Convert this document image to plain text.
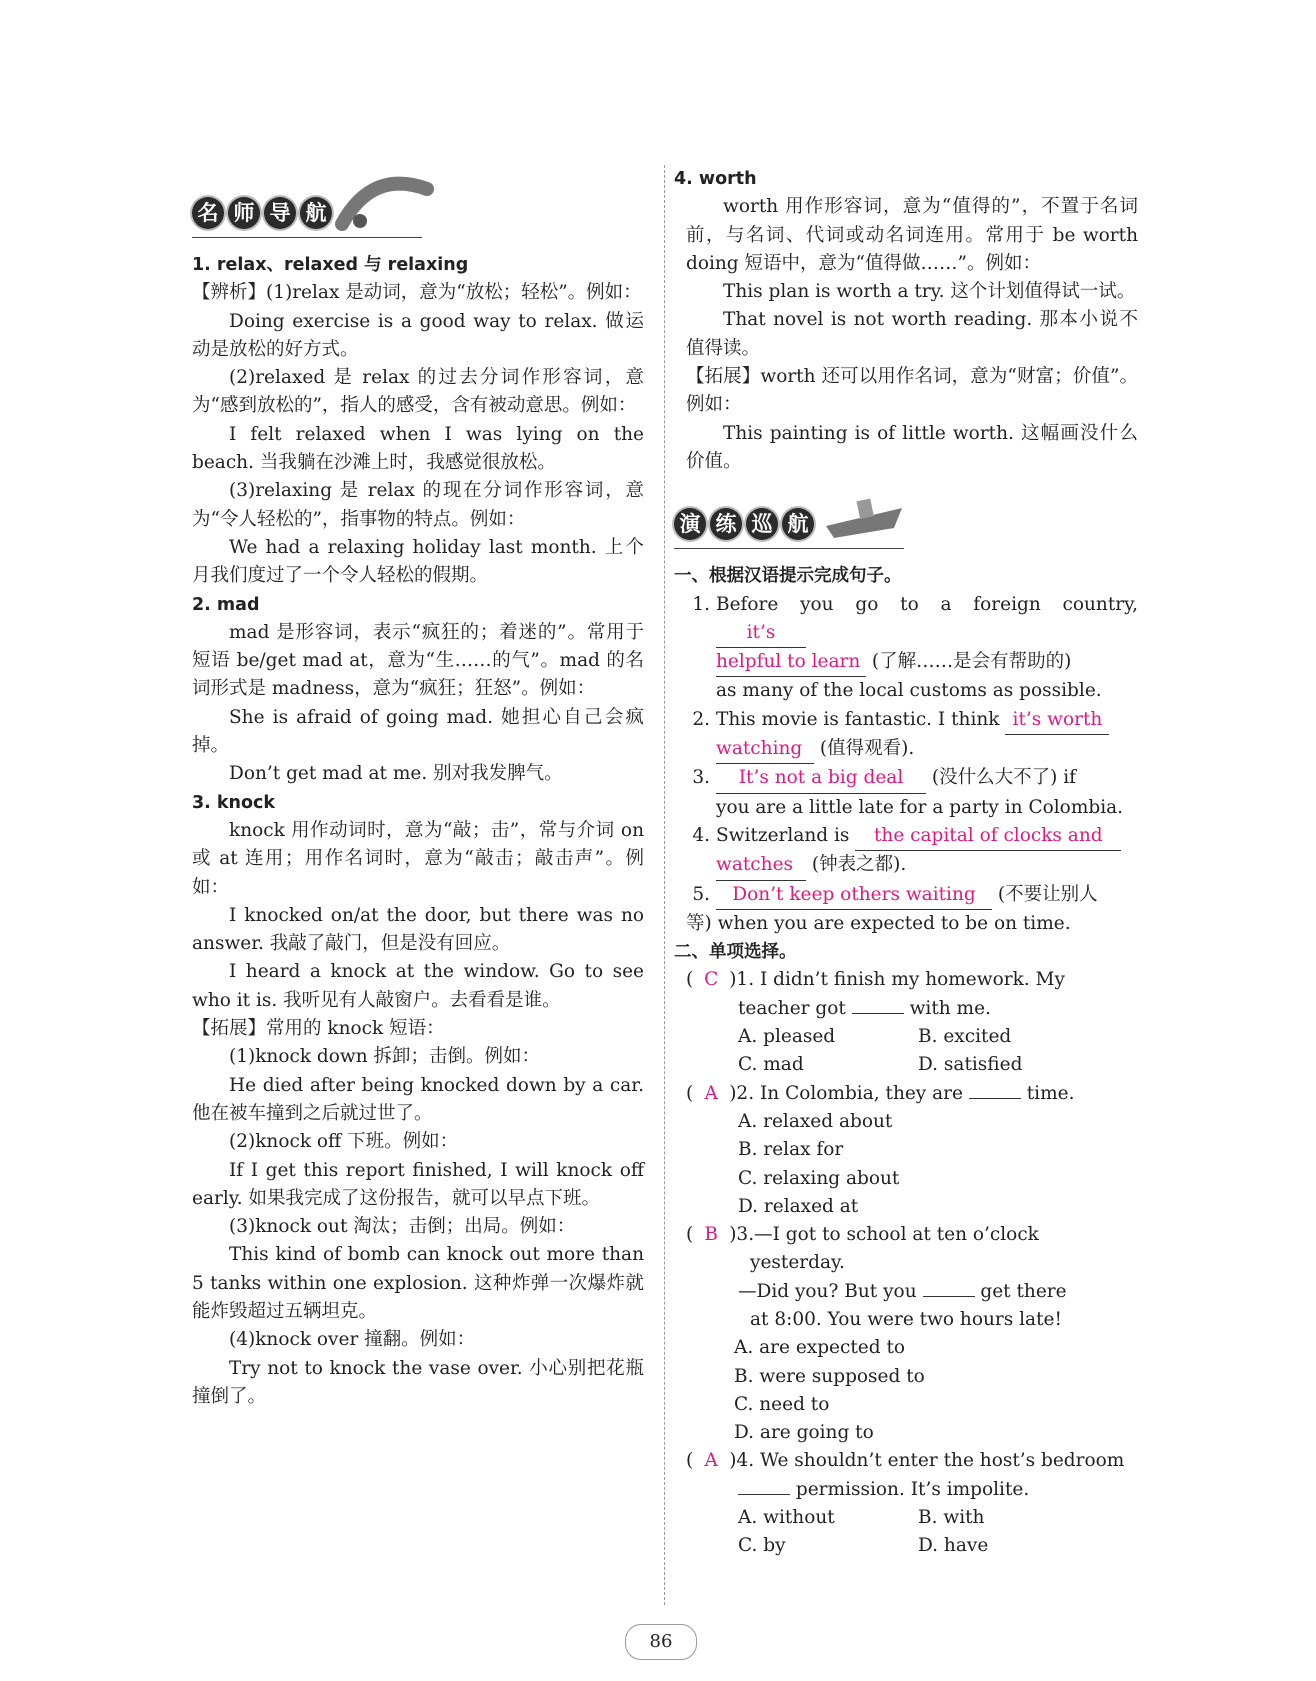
名 师 导 航

1. relax、relaxed 与 relaxing

【辨析】(1)relax 是动词，意为“放松；轻松”。例如：

Doing exercise is a good way to relax. 做运动是放松的好方式。

(2)relaxed 是 relax 的过去分词作形容词，意为“感到放松的”，指人的感受，含有被动意思。例如：

I felt relaxed when I was lying on the beach. 当我躺在沙滩上时，我感觉很放松。

(3)relaxing 是 relax 的现在分词作形容词，意为“令人轻松的”，指事物的特点。例如：

We had a relaxing holiday last month. 上个月我们度过了一个令人轻松的假期。

2. mad

mad 是形容词，表示“疯狂的；着迷的”。常用于短语 be/get mad at，意为“生……的气”。mad 的名词形式是 madness，意为“疯狂；狂怒”。例如：

She is afraid of going mad. 她担心自己会疯掉。

Don’t get mad at me. 别对我发脾气。

3. knock

knock 用作动词时，意为“敲；击”，常与介词 on 或 at 连用；用作名词时，意为“敲击；敲击声”。例如：

I knocked on/at the door, but there was no answer. 我敲了敲门，但是没有回应。

I heard a knock at the window. Go to see who it is. 我听见有人敲窗户。去看看是谁。

【拓展】常用的 knock 短语：

(1)knock down 拆卸；击倒。例如：

He died after being knocked down by a car. 他在被车撞到之后就过世了。

(2)knock off 下班。例如：

If I get this report finished, I will knock off early. 如果我完成了这份报告，就可以早点下班。

(3)knock out 淘汰；击倒；出局。例如：

This kind of bomb can knock out more than 5 tanks within one explosion. 这种炸弹一次爆炸就能炸毁超过五辆坦克。

(4)knock over 撞翻。例如：

Try not to knock the vase over. 小心别把花瓶撞倒了。

4. worth

worth 用作形容词，意为“值得的”，不置于名词前，与名词、代词或动名词连用。常用于 be worth doing 短语中，意为“值得做……”。例如：

This plan is worth a try. 这个计划值得试一试。

That novel is not worth reading. 那本小说不值得读。

【拓展】worth 还可以用作名词，意为“财富；价值”。例如：

This painting is of little worth. 这幅画没什么价值。

演 练 巡 航

一、根据汉语提示完成句子。

1. Before you go to a foreign country, it’s
helpful to learn (了解……是会有帮助的)
as many of the local customs as possible.
2. This movie is fantastic. I think it’s worth
watching (值得观看).
3.	It’s not a big deal (没什么大不了) if
you are a little late for a party in Colombia.
4. Switzerland is the capital of clocks and
watches (钟表之都).
5.	Don’t keep others waiting (不要让别人

等) when you are expected to be on time.

二、单项选择。

( C )1. I didn’t finish my homework. My
teacher got	with me.
A. pleased	B. excited
C. mad	D. satisfied
( A )2. In Colombia, they are	time.
A. relaxed about
B. relax for
C. relaxing about
D. relaxed at
( B )3.—I got to school at ten o’clock
yesterday.
—Did you? But you	get there
at 8:00. You were two hours late!
A. are expected to
B. were supposed to
C. need to
D. are going to
( A )4. We shouldn’t enter the host’s bedroom
permission. It’s impolite.
A. without	B. with
C. by	D. have
86
